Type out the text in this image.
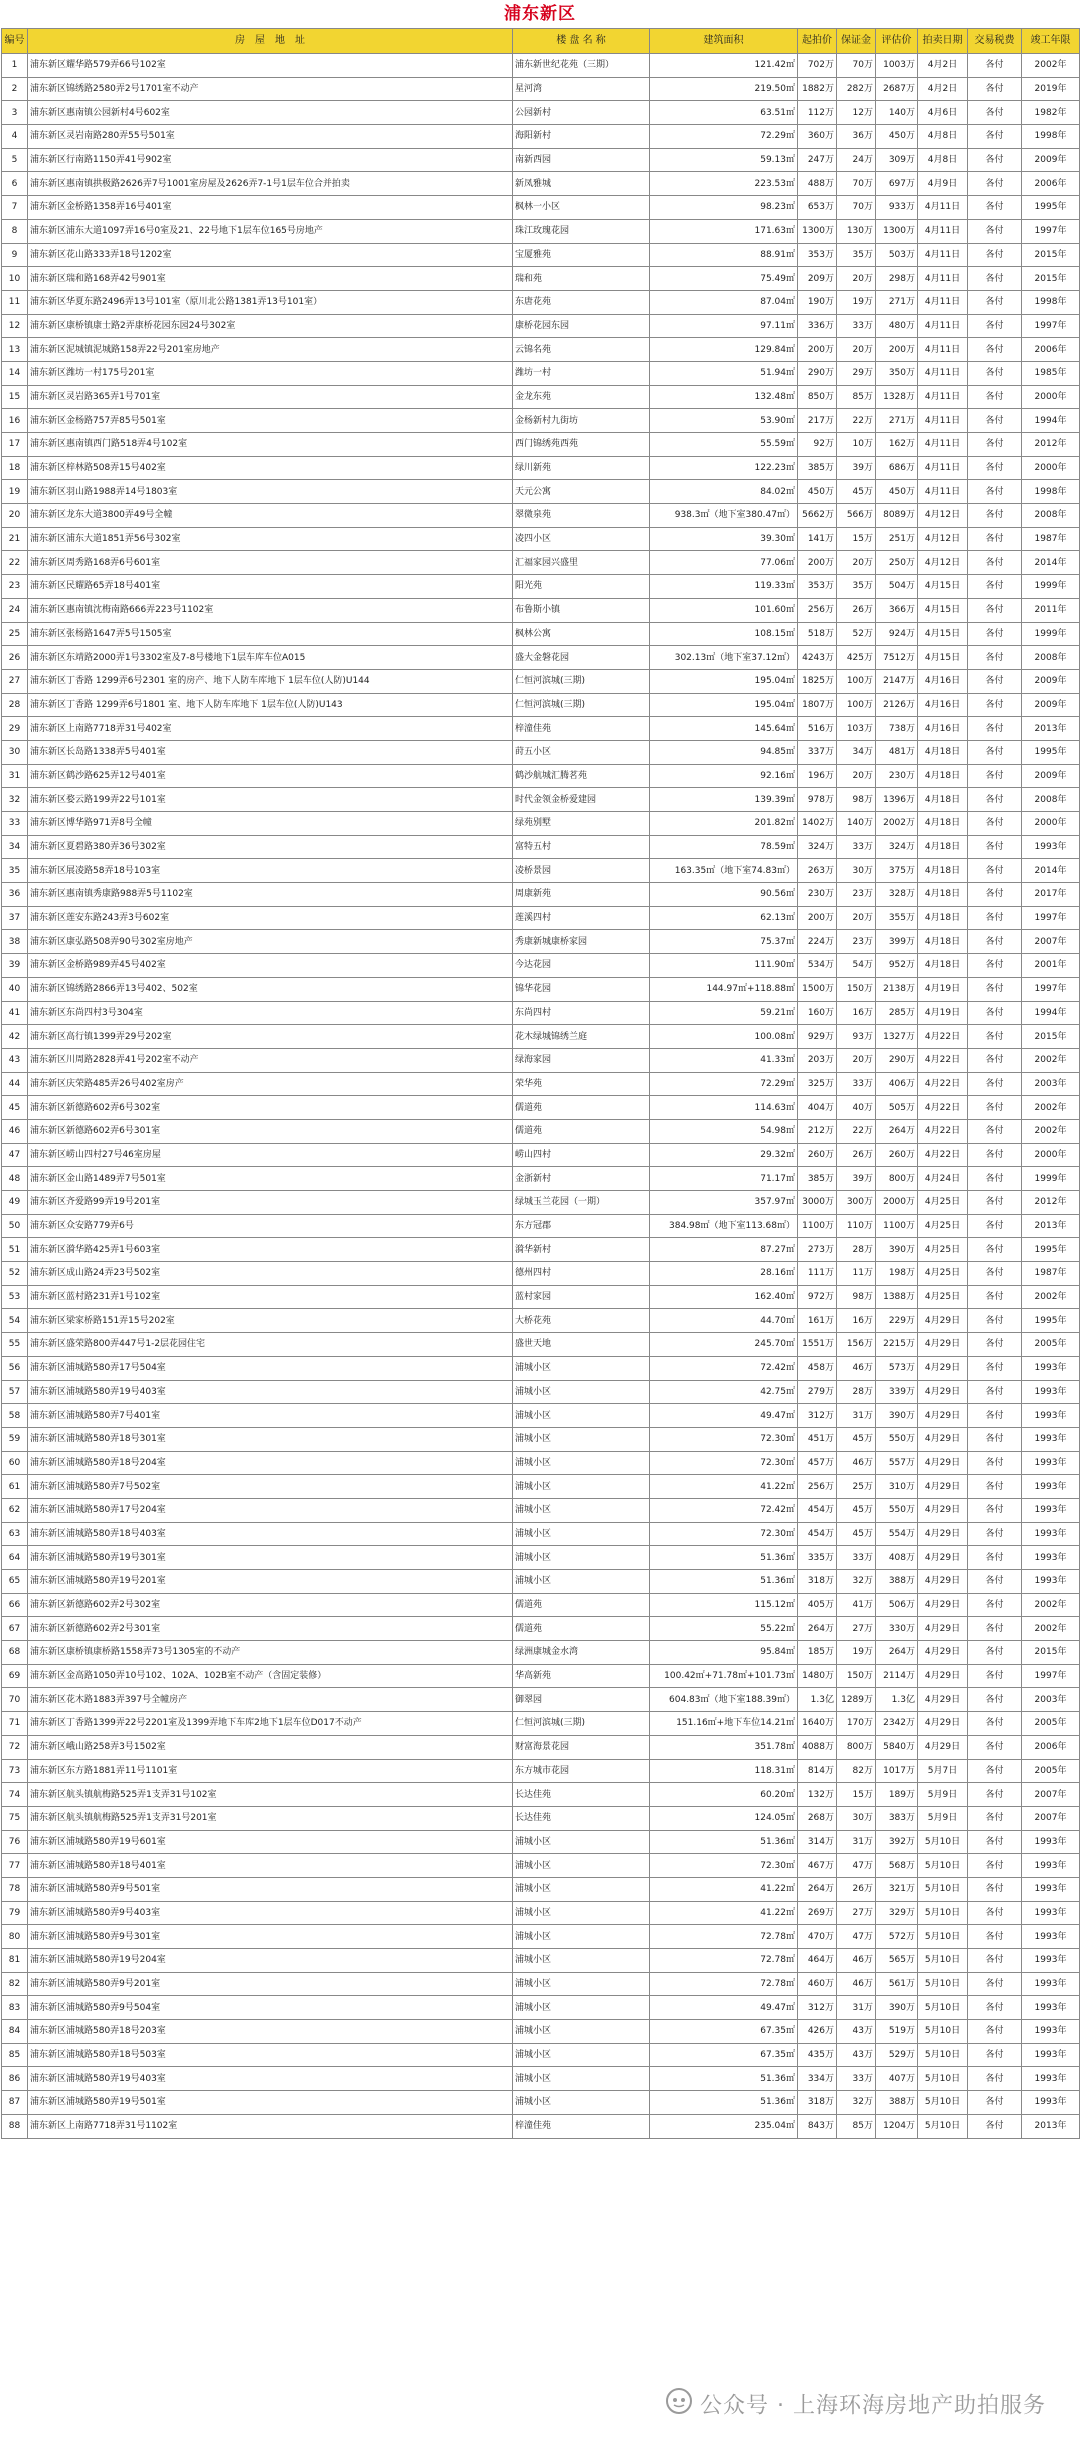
浦东新区
编号	房　屋　地　址	楼 盘 名 称	建筑面积	起拍价	保证金	评估价	拍卖日期	交易税费	竣工年限
1	浦东新区耀华路579弄66号102室	浦东新世纪花苑（三期）	121.42㎡	702万	70万	1003万	4月2日	各付	2002年
2	浦东新区锦绣路2580弄2号1701室不动产	星河湾	219.50㎡	1882万	282万	2687万	4月2日	各付	2019年
3	浦东新区惠南镇公园新村4号602室	公园新村	63.51㎡	112万	12万	140万	4月6日	各付	1982年
4	浦东新区灵岩南路280弄55号501室	海阳新村	72.29㎡	360万	36万	450万	4月8日	各付	1998年
5	浦东新区行南路1150弄41号902室	南新西园	59.13㎡	247万	24万	309万	4月8日	各付	2009年
6	浦东新区惠南镇拱极路2626弄7号1001室房屋及2626弄7-1号1层车位合并拍卖	新凤雅城	223.53㎡	488万	70万	697万	4月9日	各付	2006年
7	浦东新区金桥路1358弄16号401室	枫林一小区	98.23㎡	653万	70万	933万	4月11日	各付	1995年
8	浦东新区浦东大道1097弄16号0室及21、22号地下1层车位165号房地产	珠江玫瑰花园	171.63㎡	1300万	130万	1300万	4月11日	各付	1997年
9	浦东新区花山路333弄18号1202室	宝厦雅苑	88.91㎡	353万	35万	503万	4月11日	各付	2015年
10	浦东新区瑞和路168弄42号901室	瑞和苑	75.49㎡	209万	20万	298万	4月11日	各付	2015年
11	浦东新区华夏东路2496弄13号101室（原川北公路1381弄13号101室）	东唐花苑	87.04㎡	190万	19万	271万	4月11日	各付	1998年
12	浦东新区康桥镇康士路2弄康桥花园东园24号302室	康桥花园东园	97.11㎡	336万	33万	480万	4月11日	各付	1997年
13	浦东新区泥城镇泥城路158弄22号201室房地产	云锦名苑	129.84㎡	200万	20万	200万	4月11日	各付	2006年
14	浦东新区潍坊一村175号201室	潍坊一村	51.94㎡	290万	29万	350万	4月11日	各付	1985年
15	浦东新区灵岩路365弄1号701室	金龙东苑	132.48㎡	850万	85万	1328万	4月11日	各付	2000年
16	浦东新区金杨路757弄85号501室	金杨新村九街坊	53.90㎡	217万	22万	271万	4月11日	各付	1994年
17	浦东新区惠南镇西门路518弄4号102室	西门锦绣苑西苑	55.59㎡	92万	10万	162万	4月11日	各付	2012年
18	浦东新区梓林路508弄15号402室	绿川新苑	122.23㎡	385万	39万	686万	4月11日	各付	2000年
19	浦东新区羽山路1988弄14号1803室	天元公寓	84.02㎡	450万	45万	450万	4月11日	各付	1998年
20	浦东新区龙东大道3800弄49号全幢	翠微泉苑	938.3㎡（地下室380.47㎡）	5662万	566万	8089万	4月12日	各付	2008年
21	浦东新区浦东大道1851弄56号302室	凌四小区	39.30㎡	141万	15万	251万	4月12日	各付	1987年
22	浦东新区周秀路168弄6号601室	汇福家园兴盛里	77.06㎡	200万	20万	250万	4月12日	各付	2014年
23	浦东新区民耀路65弄18号401室	阳光苑	119.33㎡	353万	35万	504万	4月15日	各付	1999年
24	浦东新区惠南镇沈梅南路666弄223号1102室	布鲁斯小镇	101.60㎡	256万	26万	366万	4月15日	各付	2011年
25	浦东新区张杨路1647弄5号1505室	枫林公寓	108.15㎡	518万	52万	924万	4月15日	各付	1999年
26	浦东新区东靖路2000弄1号3302室及7-8号楼地下1层车库车位A015	盛大金磐花园	302.13㎡（地下室37.12㎡）	4243万	425万	7512万	4月15日	各付	2008年
27	浦东新区丁香路 1299弄6号2301 室的房产、地下人防车库地下 1层车位(人防)U144	仁恒河滨城(三期)	195.04㎡	1825万	100万	2147万	4月16日	各付	2009年
28	浦东新区丁香路 1299弄6号1801 室、地下人防车库地下 1层车位(人防)U143	仁恒河滨城(三期)	195.04㎡	1807万	100万	2126万	4月16日	各付	2009年
29	浦东新区上南路7718弄31号402室	梓潼佳苑	145.64㎡	516万	103万	738万	4月16日	各付	2013年
30	浦东新区长岛路1338弄5号401室	莳五小区	94.85㎡	337万	34万	481万	4月18日	各付	1995年
31	浦东新区鹤沙路625弄12号401室	鹤沙航城汇腾茗苑	92.16㎡	196万	20万	230万	4月18日	各付	2009年
32	浦东新区婺云路199弄22号101室	时代金领金桥爱建园	139.39㎡	978万	98万	1396万	4月18日	各付	2008年
33	浦东新区博华路971弄8号全幢	绿苑别墅	201.82㎡	1402万	140万	2002万	4月18日	各付	2000年
34	浦东新区夏碧路380弄36号302室	富特五村	78.59㎡	324万	33万	324万	4月18日	各付	1993年
35	浦东新区展凌路58弄18号103室	凌桥景园	163.35㎡（地下室74.83㎡）	263万	30万	375万	4月18日	各付	2014年
36	浦东新区惠南镇秀康路988弄5号1102室	周康新苑	90.56㎡	230万	23万	328万	4月18日	各付	2017年
37	浦东新区莲安东路243弄3号602室	莲溪四村	62.13㎡	200万	20万	355万	4月18日	各付	1997年
38	浦东新区康弘路508弄90号302室房地产	秀康新城康桥家园	75.37㎡	224万	23万	399万	4月18日	各付	2007年
39	浦东新区金桥路989弄45号402室	今达花园	111.90㎡	534万	54万	952万	4月18日	各付	2001年
40	浦东新区锦绣路2866弄13号402、502室	锦华花园	144.97㎡+118.88㎡	1500万	150万	2138万	4月19日	各付	1997年
41	浦东新区东尚四村3号304室	东尚四村	59.21㎡	160万	16万	285万	4月19日	各付	1994年
42	浦东新区高行镇1399弄29号202室	花木绿城锦绣兰庭	100.08㎡	929万	93万	1327万	4月22日	各付	2015年
43	浦东新区川周路2828弄41号202室不动产	绿海家园	41.33㎡	203万	20万	290万	4月22日	各付	2002年
44	浦东新区庆荣路485弄26号402室房产	荣华苑	72.29㎡	325万	33万	406万	4月22日	各付	2003年
45	浦东新区新德路602弄6号302室	儒道苑	114.63㎡	404万	40万	505万	4月22日	各付	2002年
46	浦东新区新德路602弄6号301室	儒道苑	54.98㎡	212万	22万	264万	4月22日	各付	2002年
47	浦东新区崂山四村27号46室房屋	崂山四村	29.32㎡	260万	26万	260万	4月22日	各付	2000年
48	浦东新区金山路1489弄7号501室	金浙新村	71.17㎡	385万	39万	800万	4月24日	各付	1999年
49	浦东新区齐爱路99弄19号201室	绿城玉兰花园（一期）	357.97㎡	3000万	300万	2000万	4月25日	各付	2012年
50	浦东新区众安路779弄6号	东方冠郡	384.98㎡（地下室113.68㎡）	1100万	110万	1100万	4月25日	各付	2013年
51	浦东新区漪华路425弄1号603室	漪华新村	87.27㎡	273万	28万	390万	4月25日	各付	1995年
52	浦东新区成山路24弄23号502室	德州四村	28.16㎡	111万	11万	198万	4月25日	各付	1987年
53	浦东新区蓝村路231弄1号102室	蓝村家园	162.40㎡	972万	98万	1388万	4月25日	各付	2002年
54	浦东新区梁家桥路151弄15号202室	大桥花苑	44.70㎡	161万	16万	229万	4月29日	各付	1995年
55	浦东新区盛荣路800弄447号1-2层花园住宅	盛世天地	245.70㎡	1551万	156万	2215万	4月29日	各付	2005年
56	浦东新区浦城路580弄17号504室	浦城小区	72.42㎡	458万	46万	573万	4月29日	各付	1993年
57	浦东新区浦城路580弄19号403室	浦城小区	42.75㎡	279万	28万	339万	4月29日	各付	1993年
58	浦东新区浦城路580弄7号401室	浦城小区	49.47㎡	312万	31万	390万	4月29日	各付	1993年
59	浦东新区浦城路580弄18号301室	浦城小区	72.30㎡	451万	45万	550万	4月29日	各付	1993年
60	浦东新区浦城路580弄18号204室	浦城小区	72.30㎡	457万	46万	557万	4月29日	各付	1993年
61	浦东新区浦城路580弄7号502室	浦城小区	41.22㎡	256万	25万	310万	4月29日	各付	1993年
62	浦东新区浦城路580弄17号204室	浦城小区	72.42㎡	454万	45万	550万	4月29日	各付	1993年
63	浦东新区浦城路580弄18号403室	浦城小区	72.30㎡	454万	45万	554万	4月29日	各付	1993年
64	浦东新区浦城路580弄19号301室	浦城小区	51.36㎡	335万	33万	408万	4月29日	各付	1993年
65	浦东新区浦城路580弄19号201室	浦城小区	51.36㎡	318万	32万	388万	4月29日	各付	1993年
66	浦东新区新德路602弄2号302室	儒道苑	115.12㎡	405万	41万	506万	4月29日	各付	2002年
67	浦东新区新德路602弄2号301室	儒道苑	55.22㎡	264万	27万	330万	4月29日	各付	2002年
68	浦东新区康桥镇康桥路1558弄73号1305室的不动产	绿洲康城金水湾	95.84㎡	185万	19万	264万	4月29日	各付	2015年
69	浦东新区金高路1050弄10号102、102A、102B室不动产（含固定装修）	华高新苑	100.42㎡+71.78㎡+101.73㎡	1480万	150万	2114万	4月29日	各付	1997年
70	浦东新区花木路1883弄397号全幢房产	御翠园	604.83㎡（地下室188.39㎡）	1.3亿	1289万	1.3亿	4月29日	各付	2003年
71	浦东新区丁香路1399弄22号2201室及1399弄地下车库2地下1层车位D017不动产	仁恒河滨城(三期)	151.16㎡+地下车位14.21㎡	1640万	170万	2342万	4月29日	各付	2005年
72	浦东新区峨山路258弄3号1502室	财富海景花园	351.78㎡	4088万	800万	5840万	4月29日	各付	2006年
73	浦东新区东方路1881弄11号1101室	东方城市花园	118.31㎡	814万	82万	1017万	5月7日	各付	2005年
74	浦东新区航头镇航梅路525弄1支弄31号102室	长达佳苑	60.20㎡	132万	15万	189万	5月9日	各付	2007年
75	浦东新区航头镇航梅路525弄1支弄31号201室	长达佳苑	124.05㎡	268万	30万	383万	5月9日	各付	2007年
76	浦东新区浦城路580弄19号601室	浦城小区	51.36㎡	314万	31万	392万	5月10日	各付	1993年
77	浦东新区浦城路580弄18号401室	浦城小区	72.30㎡	467万	47万	568万	5月10日	各付	1993年
78	浦东新区浦城路580弄9号501室	浦城小区	41.22㎡	264万	26万	321万	5月10日	各付	1993年
79	浦东新区浦城路580弄9号403室	浦城小区	41.22㎡	269万	27万	329万	5月10日	各付	1993年
80	浦东新区浦城路580弄9号301室	浦城小区	72.78㎡	470万	47万	572万	5月10日	各付	1993年
81	浦东新区浦城路580弄19号204室	浦城小区	72.78㎡	464万	46万	565万	5月10日	各付	1993年
82	浦东新区浦城路580弄9号201室	浦城小区	72.78㎡	460万	46万	561万	5月10日	各付	1993年
83	浦东新区浦城路580弄9号504室	浦城小区	49.47㎡	312万	31万	390万	5月10日	各付	1993年
84	浦东新区浦城路580弄18号203室	浦城小区	67.35㎡	426万	43万	519万	5月10日	各付	1993年
85	浦东新区浦城路580弄18号503室	浦城小区	67.35㎡	435万	43万	529万	5月10日	各付	1993年
86	浦东新区浦城路580弄19号403室	浦城小区	51.36㎡	334万	33万	407万	5月10日	各付	1993年
87	浦东新区浦城路580弄19号501室	浦城小区	51.36㎡	318万	32万	388万	5月10日	各付	1993年
88	浦东新区上南路7718弄31号1102室	梓潼佳苑	235.04㎡	843万	85万	1204万	5月10日	各付	2013年
公众号 · 上海环海房地产助拍服务
